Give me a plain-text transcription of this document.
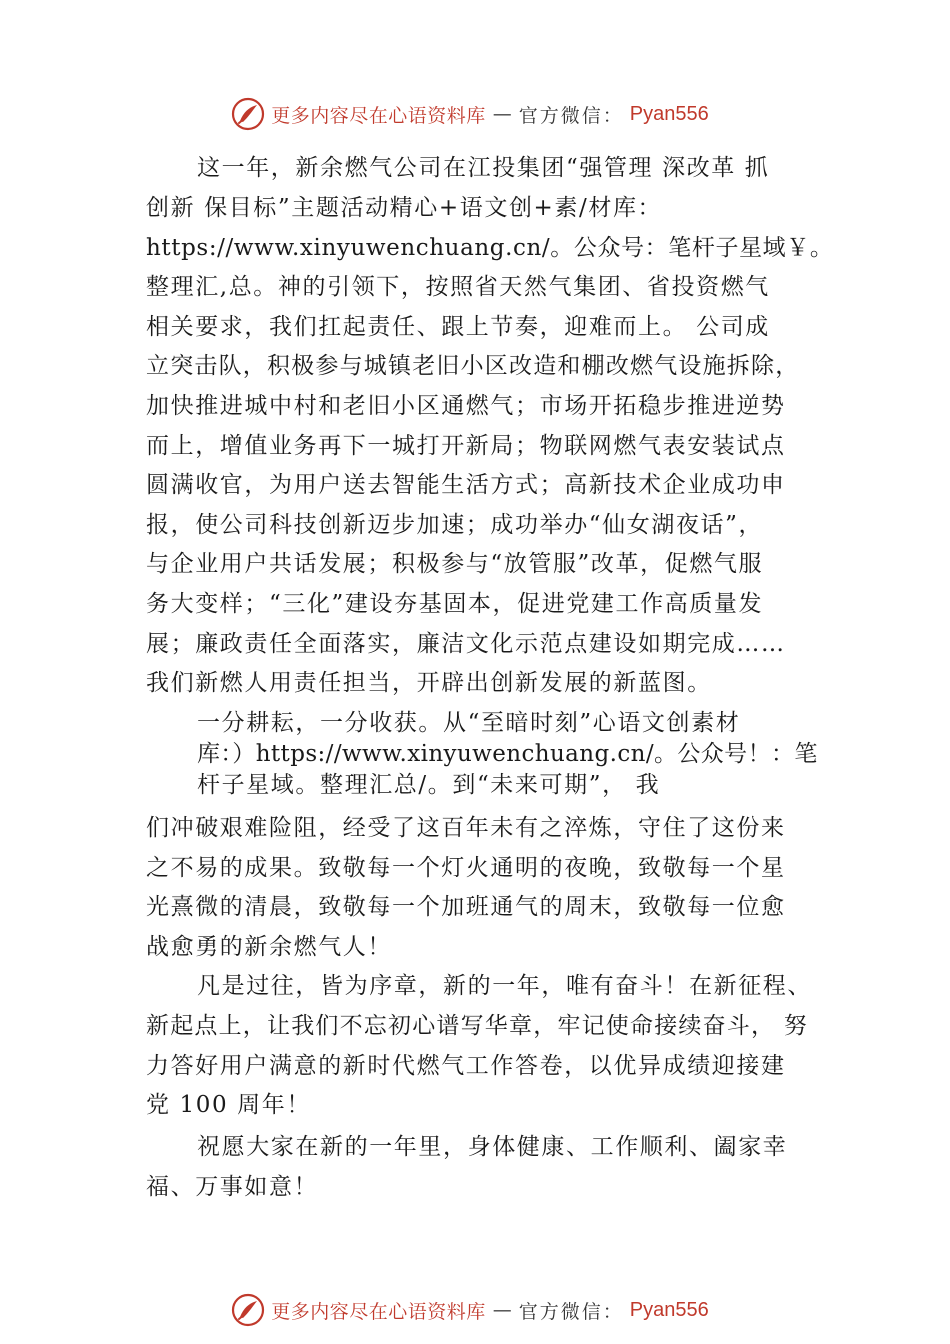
更多内容尽在心语资料库 — 官方微信： Pyan556
这一年，新余燃气公司在江投集团“强管理 深改革 抓
创新 保目标”主题活动精心+语文创+素/材库：
https://www.xinyuwenchuang.cn/。公众号：笔杆子星域￥。
整理汇,总。神的引领下，按照省天然气集团、省投资燃气
相关要求，我们扛起责任、跟上节奏，迎难而上。 公司成
立突击队，积极参与城镇老旧小区改造和棚改燃气设施拆除，
加快推进城中村和老旧小区通燃气；市场开拓稳步推进逆势
而上，增值业务再下一城打开新局；物联网燃气表安装试点
圆满收官，为用户送去智能生活方式；高新技术企业成功申
报，使公司科技创新迈步加速；成功举办“仙女湖夜话”，
与企业用户共话发展；积极参与“放管服”改革，促燃气服
务大变样；“三化”建设夯基固本，促进党建工作高质量发
展；廉政责任全面落实，廉洁文化示范点建设如期完成……
我们新燃人用责任担当，开辟出创新发展的新蓝图。
一分耕耘，一分收获。从“至暗时刻”心语文创素材
库：）https://www.xinyuwenchuang.cn/。公众号！：笔
杆子星域。整理汇总/。到“未来可期”， 我
们冲破艰难险阻，经受了这百年未有之淬炼，守住了这份来
之不易的成果。致敬每一个灯火通明的夜晚，致敬每一个星
光熹微的清晨，致敬每一个加班通气的周末，致敬每一位愈
战愈勇的新余燃气人！
凡是过往，皆为序章，新的一年，唯有奋斗！在新征程、
新起点上，让我们不忘初心谱写华章，牢记使命接续奋斗， 努
力答好用户满意的新时代燃气工作答卷，以优异成绩迎接建
党 100 周年！
祝愿大家在新的一年里，身体健康、工作顺利、阖家幸
福、万事如意！
更多内容尽在心语资料库 — 官方微信： Pyan556
